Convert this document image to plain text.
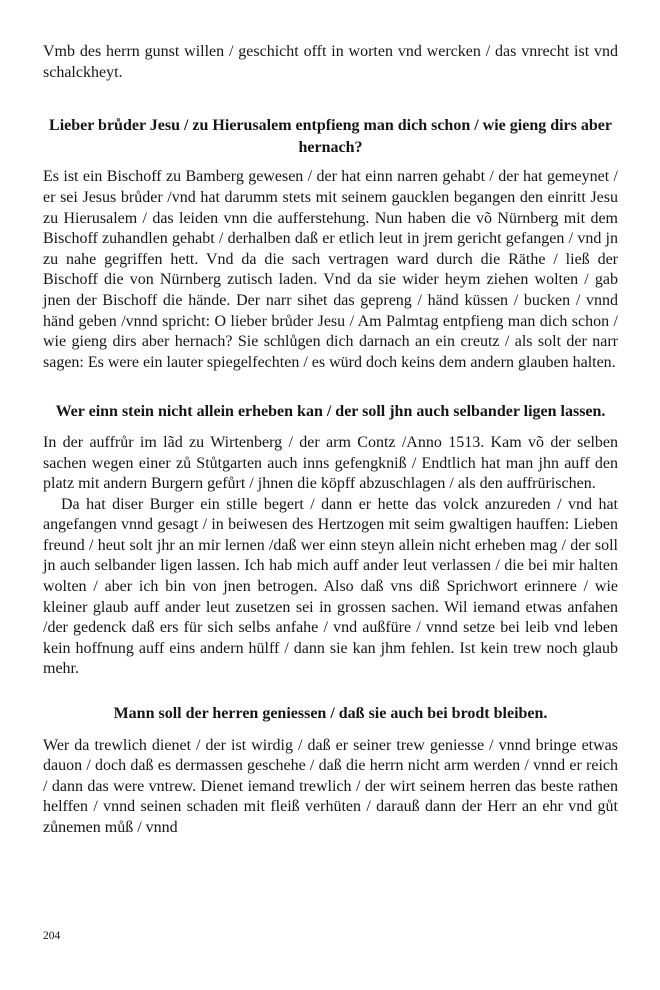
Vmb des herrn gunst willen / geschicht offt in worten vnd wercken / das vnrecht ist vnd schalckheyt.

Lieber brůder Jesu / zu Hierusalem entpfieng man dich schon / wie gieng dirs aber hernach?

Es ist ein Bischoff zu Bamberg gewesen / der hat einn narren gehabt / der hat gemeynet / er sei Jesus brůder /vnd hat darumm stets mit seinem gaucklen begangen den einritt Jesu zu Hierusalem / das leiden vnn die aufferstehung. Nun haben die võ Nürnberg mit dem Bischoff zuhandlen gehabt / derhalben daß er etlich leut in jrem gericht gefangen / vnd jn zu nahe gegriffen hett. Vnd da die sach vertragen ward durch die Räthe / ließ der Bischoff die von Nürnberg zutisch laden. Vnd da sie wider heym ziehen wolten / gab jnen der Bischoff die hände. Der narr sihet das gepreng / händ küssen / bucken / vnnd händ geben /vnnd spricht: O lieber brůder Jesu / Am Palmtag entpfieng man dich schon / wie gieng dirs aber hernach? Sie schlůgen dich darnach an ein creutz / als solt der narr sagen: Es were ein lauter spiegelfechten / es würd doch keins dem andern glauben halten.

Wer einn stein nicht allein erheben kan / der soll jhn auch selbander ligen lassen.

In der auffrůr im lãd zu Wirtenberg / der arm Contz /Anno 1513. Kam võ der selben sachen wegen einer zů Stůtgarten auch inns gefengkniß / Endtlich hat man jhn auff den platz mit andern Burgern gefůrt / jhnen die köpff abzuschlagen / als den auffrürischen.

Da hat diser Burger ein stille begert / dann er hette das volck anzureden / vnd hat angefangen vnnd gesagt / in beiwesen des Hertzogen mit seim gwaltigen hauffen: Lieben freund / heut solt jhr an mir lernen /daß wer einn steyn allein nicht erheben mag / der soll jn auch selbander ligen lassen. Ich hab mich auff ander leut verlassen / die bei mir halten wolten / aber ich bin von jnen betrogen. Also daß vns diß Sprichwort erinnere / wie kleiner glaub auff ander leut zusetzen sei in grossen sachen. Wil iemand etwas anfahen /der gedenck daß ers für sich selbs anfahe / vnd außfüre / vnnd setze bei leib vnd leben kein hoffnung auff eins andern hülff / dann sie kan jhm fehlen. Ist kein trew noch glaub mehr.

Mann soll der herren geniessen / daß sie auch bei brodt bleiben.

Wer da trewlich dienet / der ist wirdig / daß er seiner trew geniesse / vnnd bringe etwas dauon / doch daß es dermassen geschehe / daß die herrn nicht arm werden / vnnd er reich / dann das were vntrew. Dienet iemand trewlich / der wirt seinem herren das beste rathen helffen / vnnd seinen schaden mit fleiß verhüten / darauß dann der Herr an ehr vnd gůt zůnemen můß / vnnd

204
